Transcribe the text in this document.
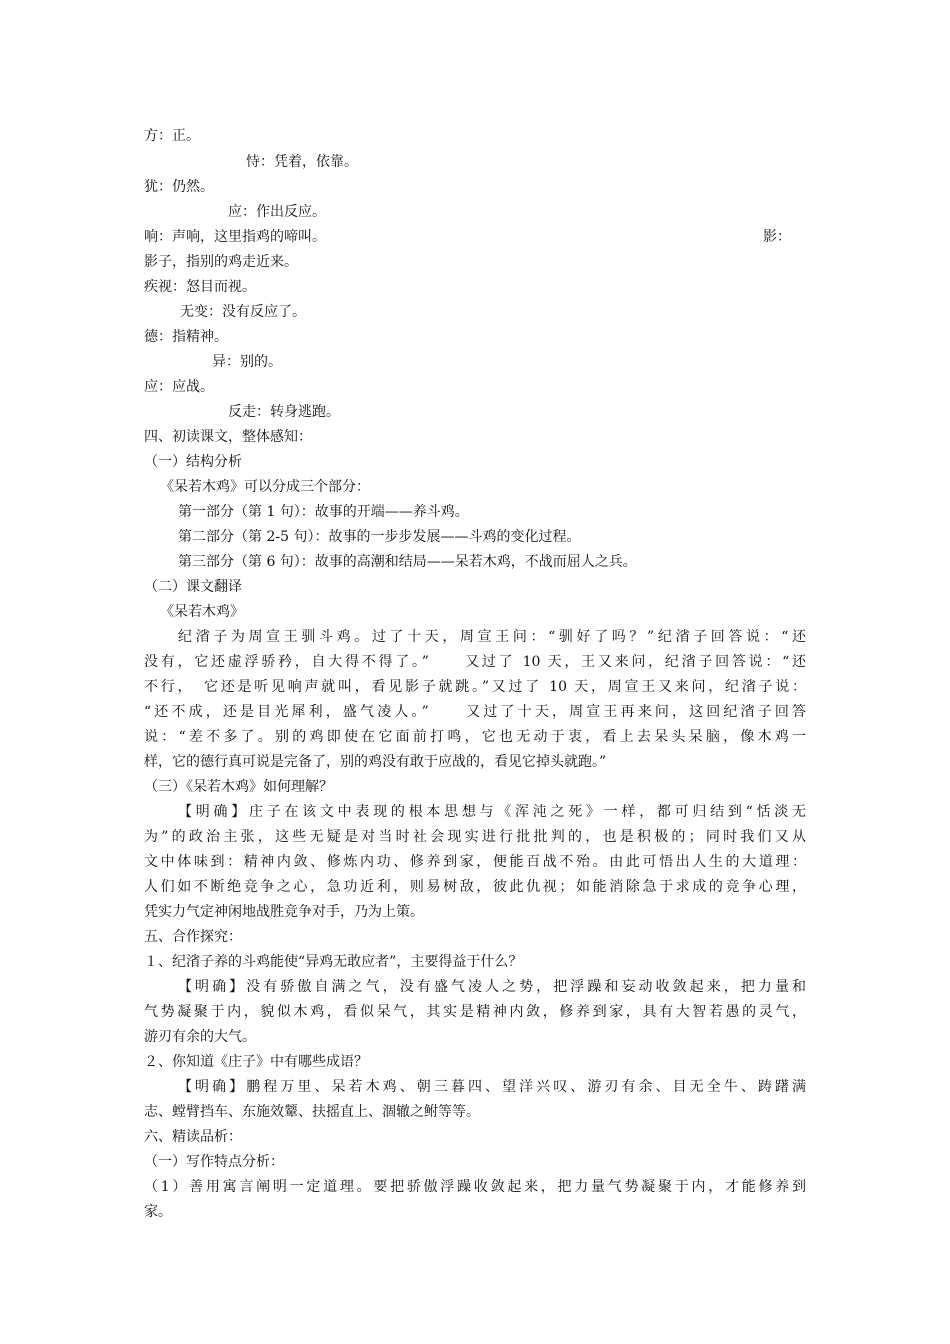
方：正。
恃：凭着，依靠。
犹：仍然。
应：作出反应。
响：声响，这里指鸡的啼叫。	影：
影子，指别的鸡走近来。
疾视：怒目而视。
无变：没有反应了。
德：指精神。
异：别的。
应：应战。
反走：转身逃跑。
四、初读课文，整体感知：
（一）结构分析
《呆若木鸡》可以分成三个部分：
第一部分（第 1 句）：故事的开端——养斗鸡。
第二部分（第 2-5 句）：故事的一步步发展——斗鸡的变化过程。
第三部分（第 6 句）：故事的高潮和结局——呆若木鸡，不战而屈人之兵。
（二）课文翻译
《呆若木鸡》
纪渻子为周宣王驯斗鸡。过了十天，周宣王问：“驯好了吗？”纪渻子回答说：“还
没有，它还虚浮骄矜，自大得不得了。”　　又过了 10 天，王又来问，纪渻子回答说：“还
不行，　它还是听见响声就叫，看见影子就跳。”又过了 10 天，周宣王又来问，纪渻子说：
“还不成，还是目光犀利，盛气凌人。”　　又过了十天，周宣王再来问，这回纪渻子回答
说：“差不多了。别的鸡即使在它面前打鸣，它也无动于衷，看上去呆头呆脑，像木鸡一
样，它的德行真可说是完备了，别的鸡没有敢于应战的，看见它掉头就跑。”
（三）《呆若木鸡》如何理解？
【明确】庄子在该文中表现的根本思想与《浑沌之死》一样，都可归结到“恬淡无
为”的政治主张，这些无疑是对当时社会现实进行批批判的，也是积极的；同时我们又从
文中体味到：精神内敛、修炼内功、修养到家，便能百战不殆。由此可悟出人生的大道理：
人们如不断绝竞争之心，急功近利，则易树敌，彼此仇视；如能消除急于求成的竞争心理，
凭实力气定神闲地战胜竞争对手，乃为上策。
五、合作探究：
１、纪渻子养的斗鸡能使“异鸡无敢应者”，主要得益于什么？
【明确】没有骄傲自满之气，没有盛气凌人之势，把浮躁和妄动收敛起来，把力量和
气势凝聚于内，貌似木鸡，看似呆气，其实是精神内敛，修养到家，具有大智若愚的灵气，
游刃有余的大气。
２、你知道《庄子》中有哪些成语？
【明确】鹏程万里、呆若木鸡、朝三暮四、望洋兴叹、游刃有余、目无全牛、踌躇满
志、螳臂挡车、东施效颦、扶摇直上、涸辙之鲋等等。
六、精读品析：
（一）写作特点分析：
（1）善用寓言阐明一定道理。要把骄傲浮躁收敛起来，把力量气势凝聚于内，才能修养到
家。
